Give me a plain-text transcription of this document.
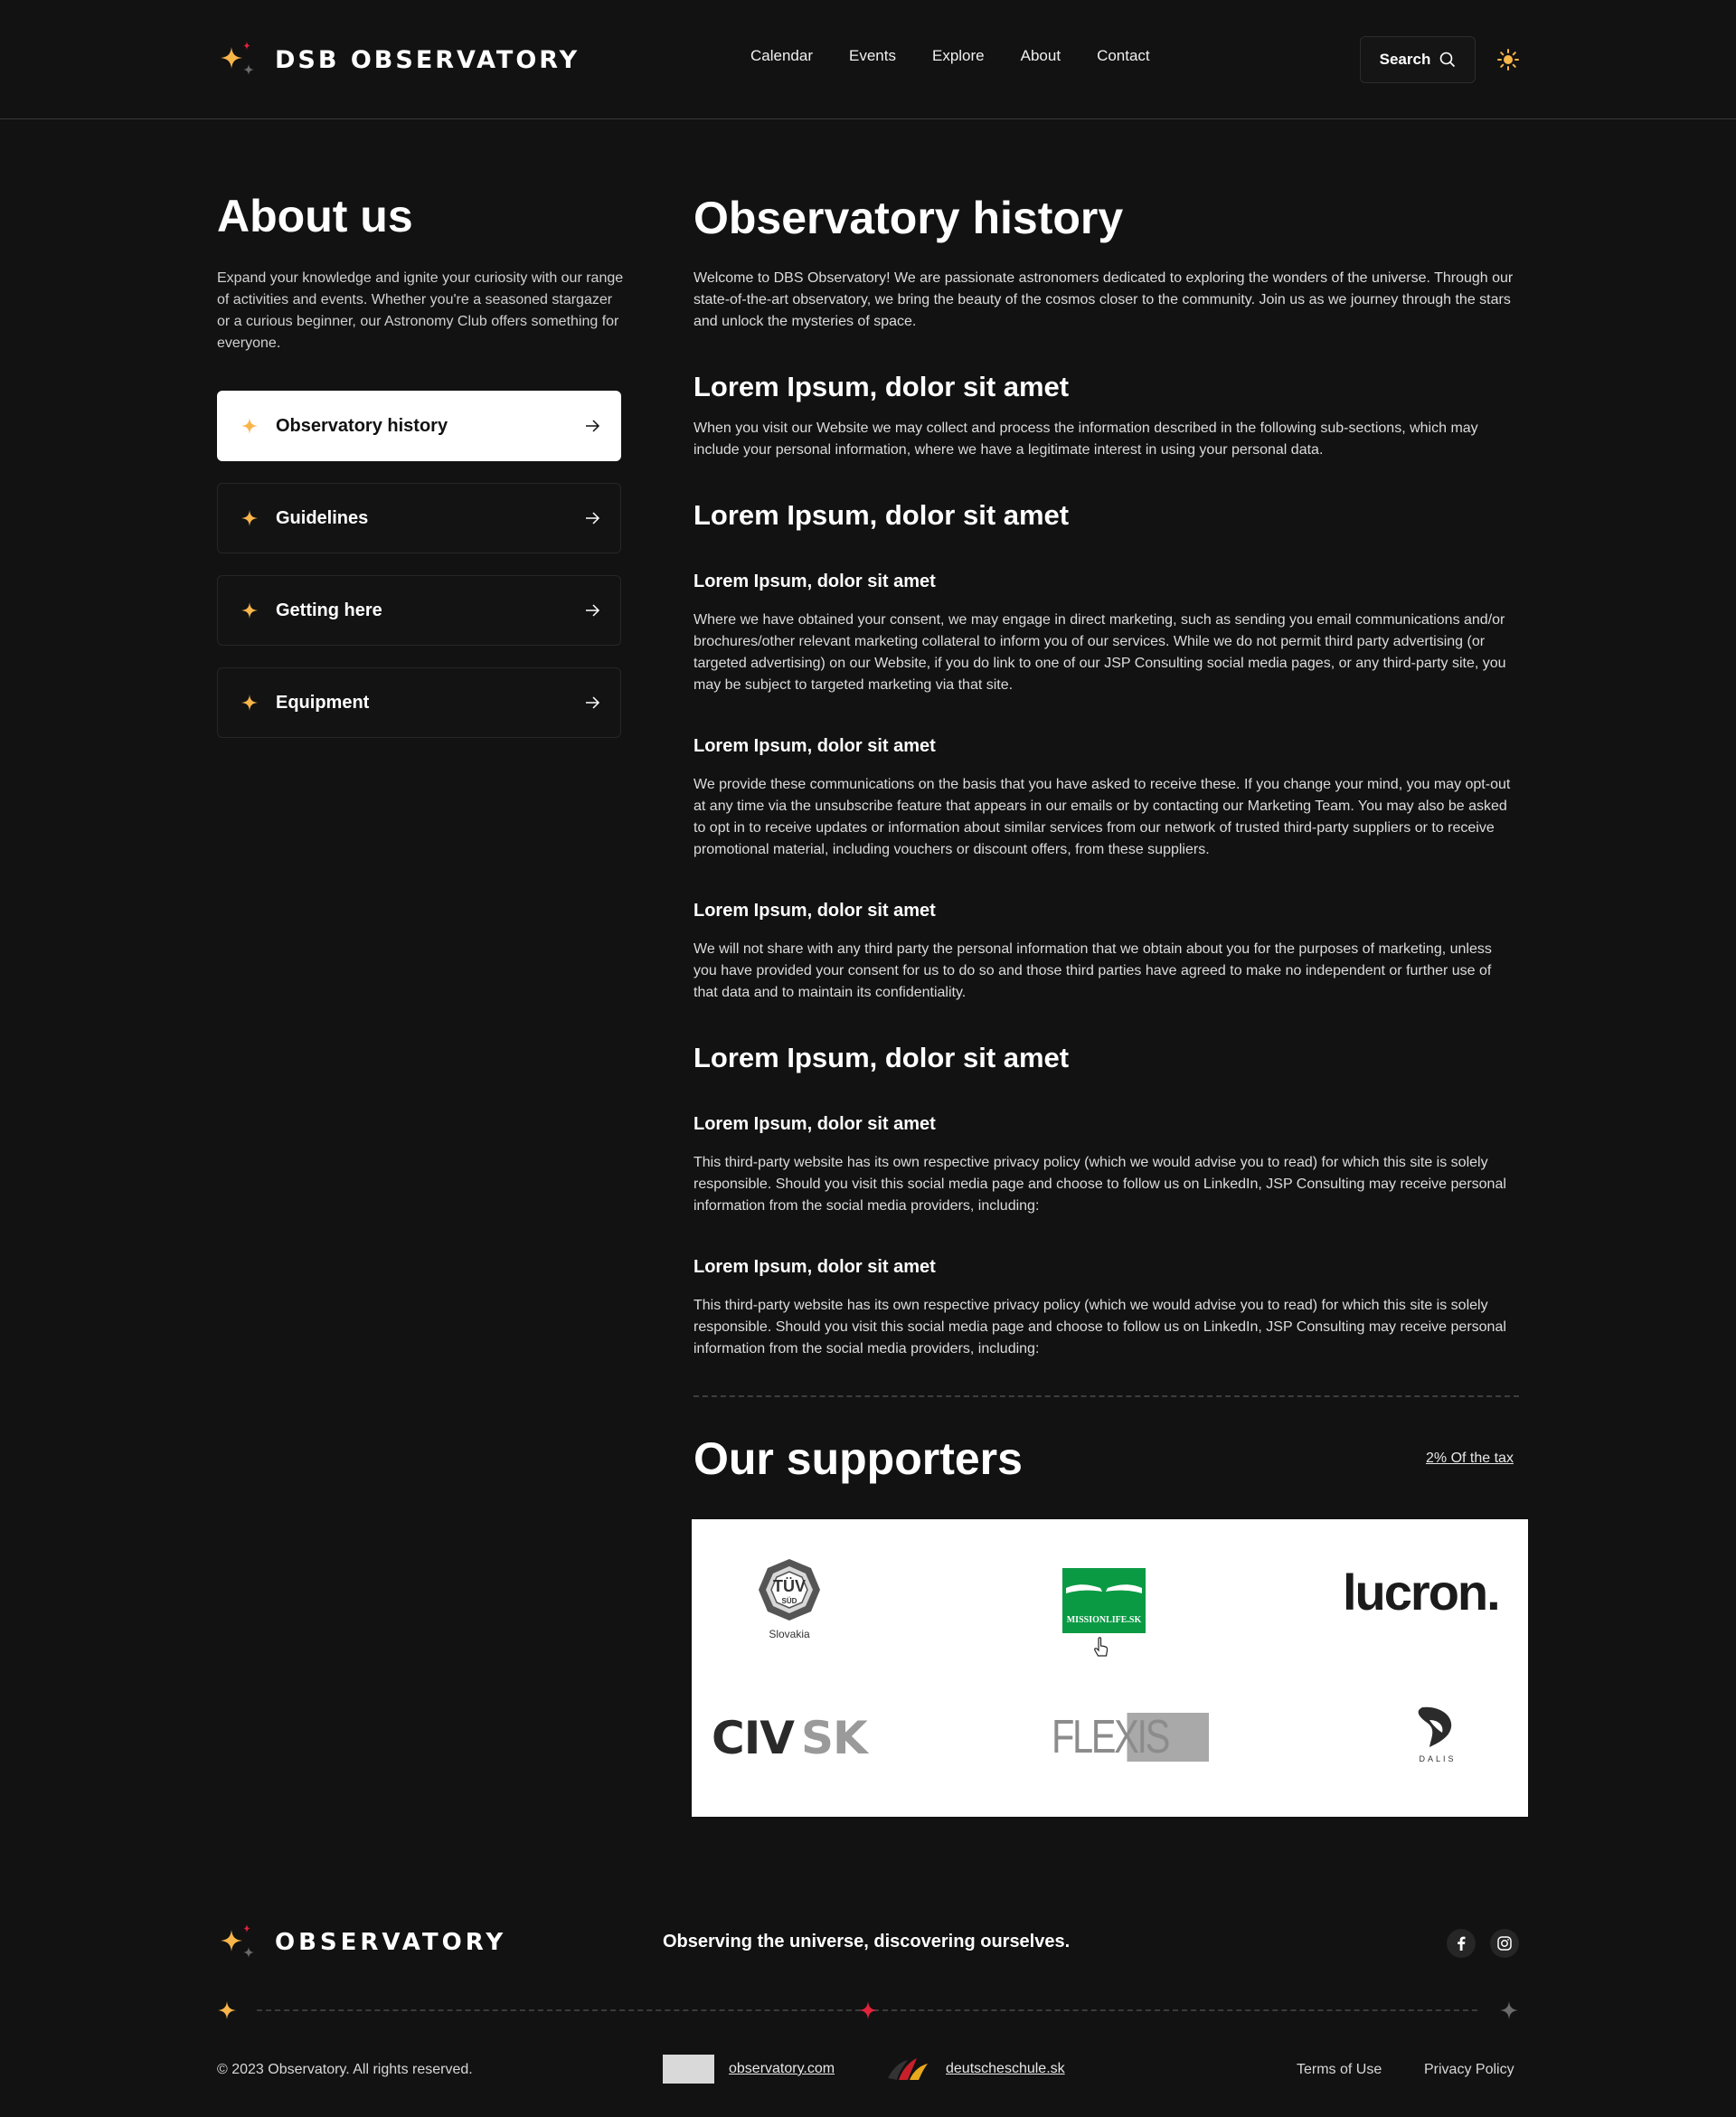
DSB OBSERVATORY	Calendar Events Explore About Contact	Search
About us

Expand your knowledge and ignite your curiosity with our range of activities and events. Whether you're a seasoned stargazer or a curious beginner, our Astronomy Club offers something for everyone.

Observatory history
Guidelines
Getting here
Equipment
Observatory history

Welcome to DBS Observatory! We are passionate astronomers dedicated to exploring the wonders of the universe. Through our state-of-the-art observatory, we bring the beauty of the cosmos closer to the community. Join us as we journey through the stars and unlock the mysteries of space.

Lorem Ipsum, dolor sit amet

When you visit our Website we may collect and process the information described in the following sub-sections, which may include your personal information, where we have a legitimate interest in using your personal data.

Lorem Ipsum, dolor sit amet
Lorem Ipsum, dolor sit amet

Where we have obtained your consent, we may engage in direct marketing, such as sending you email communications and/or brochures/other relevant marketing collateral to inform you of our services. While we do not permit third party advertising (or targeted advertising) on our Website, if you do link to one of our JSP Consulting social media pages, or any third-party site, you may be subject to targeted marketing via that site.

Lorem Ipsum, dolor sit amet

We provide these communications on the basis that you have asked to receive these. If you change your mind, you may opt-out at any time via the unsubscribe feature that appears in our emails or by contacting our Marketing Team. You may also be asked to opt in to receive updates or information about similar services from our network of trusted third-party suppliers or to receive promotional material, including vouchers or discount offers, from these suppliers.

Lorem Ipsum, dolor sit amet

We will not share with any third party the personal information that we obtain about you for the purposes of marketing, unless you have provided your consent for us to do so and those third parties have agreed to make no independent or further use of that data and to maintain its confidentiality.

Lorem Ipsum, dolor sit amet
Lorem Ipsum, dolor sit amet

This third-party website has its own respective privacy policy (which we would advise you to read) for which this site is solely responsible. Should you visit this social media page and choose to follow us on LinkedIn, JSP Consulting may receive personal information from the social media providers, including:

Lorem Ipsum, dolor sit amet

This third-party website has its own respective privacy policy (which we would advise you to read) for which this site is solely responsible. Should you visit this social media page and choose to follow us on LinkedIn, JSP Consulting may receive personal information from the social media providers, including:

Our supporters	2% Of the tax
TÜV
SÜD
Slovakia
MISSIONLIFE.SK	lucron.
CIV SK	FLEXIS	DALIS
OBSERVATORY	Observing the universe, discovering ourselves.
© 2023 Observatory. All rights reserved.	observatory.com	deutscheschule.sk	Terms of Use	Privacy Policy
